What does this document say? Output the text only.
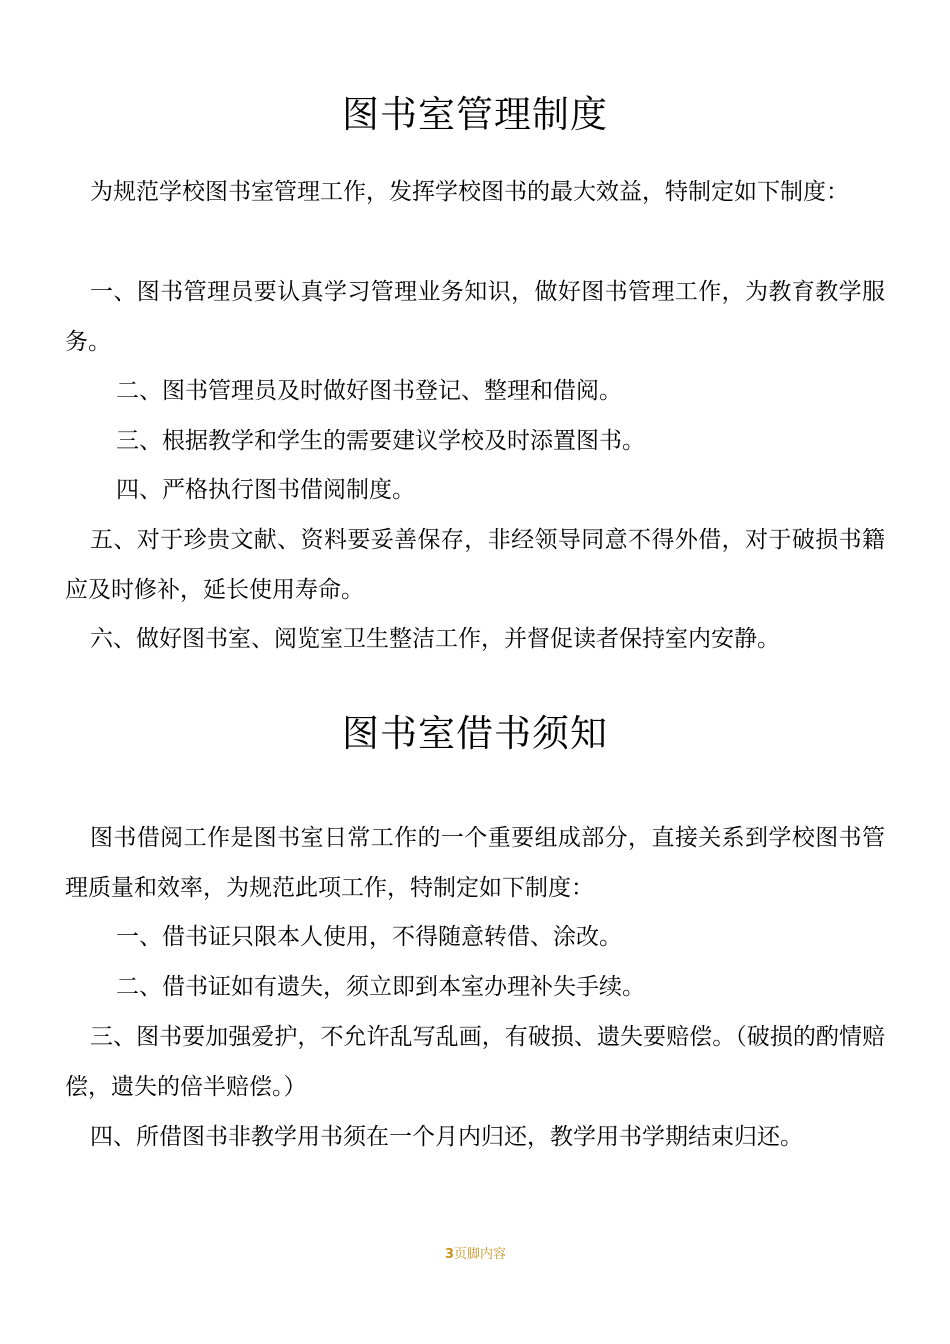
图书室管理制度

为规范学校图书室管理工作，发挥学校图书的最大效益，特制定如下制度：

一、图书管理员要认真学习管理业务知识，做好图书管理工作，为教育教学服务。

二、图书管理员及时做好图书登记、整理和借阅。

三、根据教学和学生的需要建议学校及时添置图书。

四、严格执行图书借阅制度。

五、对于珍贵文献、资料要妥善保存，非经领导同意不得外借，对于破损书籍应及时修补，延长使用寿命。

六、做好图书室、阅览室卫生整洁工作，并督促读者保持室内安静。

图书室借书须知

图书借阅工作是图书室日常工作的一个重要组成部分，直接关系到学校图书管理质量和效率，为规范此项工作，特制定如下制度：

一、借书证只限本人使用，不得随意转借、涂改。

二、借书证如有遗失，须立即到本室办理补失手续。

三、图书要加强爱护，不允许乱写乱画，有破损、遗失要赔偿。（破损的酌情赔偿，遗失的倍半赔偿。）

四、所借图书非教学用书须在一个月内归还，教学用书学期结束归还。

3页脚内容
